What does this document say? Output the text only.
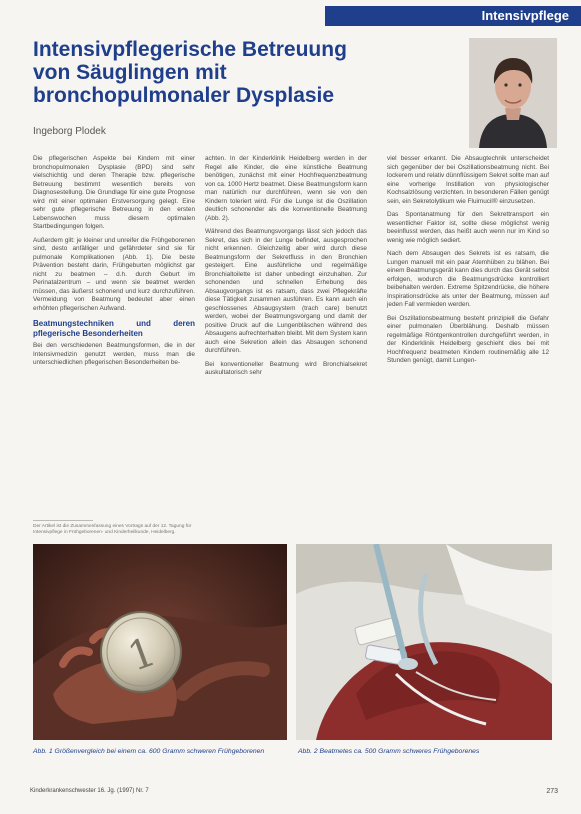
Intensivpflege
Intensivpflegerische Betreuung
von Säuglingen mit
bronchopulmonaler Dysplasie
Ingeborg Plodek

Die pflegerischen Aspekte bei Kindern mit einer bronchopulmonalen Dysplasie (BPD) sind sehr vielschichtig und deren Therapie bzw. pflegerische Betreuung bestimmt wesentlich bereits von Diagnosestellung. Die Grundlage für eine gute Prognose wird mit einer optimalen Erstversorgung gelegt. Eine sehr gute pflegerische Betreuung in den ersten Lebenswochen muss diesem optimalen Startbedingungen folgen.

Außerdem gilt: je kleiner und unreifer die Frühgeborenen sind, desto anfälliger und gefährdeter sind sie für pulmonale Komplikationen (Abb. 1). Die beste Prävention besteht darin, Frühgeburten möglichst gar nicht zu beatmen – d.h. durch Geburt im Perinatalzentrum – und wenn sie beatmet werden müssen, das äußerst schonend und kurz durchzuführen. Vermeidung von Beatmung bedeutet aber einen erhöhten pflegerischen Aufwand.

Beatmungstechniken und deren pflegerische Besonderheiten

Bei den verschiedenen Beatmungsformen, die in der Intensivmedizin genutzt werden, muss man die unterschiedlichen pflegerischen Besonderheiten be-

achten. In der Kinderklinik Heidelberg werden in der Regel alle Kinder, die eine künstliche Beatmung benötigen, zunächst mit einer Hochfrequenzbeatmung von ca. 1000 Hertz beatmet. Diese Beatmungsform kann man natürlich nur durchführen, wenn sie von den Kindern toleriert wird. Für die Lunge ist die Oszillation deutlich schonender als die konventionelle Beatmung (Abb. 2).

Während des Beatmungsvorgangs lässt sich jedoch das Sekret, das sich in der Lunge befindet, ausgesprochen nicht erkennen. Gleichzeitig aber wird durch diese Beatmungsform der Sekretfluss in den Bronchien gesteigert. Eine ausführliche und regelmäßige Bronchialtoilette ist daher unbedingt einzuhalten. Zur schonenden und schnellen Erhebung des Absaugvorgangs ist es ratsam, dass zwei Pflegekräfte diese Tätigkeit zusammen ausführen. Es kann auch ein geschlossenes Absaugsystem (trach care) benutzt werden, wobei der Beatmungsvorgang und damit der positive Druck auf die Lungenbläschen während des Absaugens aufrechterhalten bleibt. Mit dem System kann auch eine Sekretion allein das Absaugen schonend durchführen.

Bei konventioneller Beatmung wird Bronchialsekret auskultatorisch sehr

viel besser erkannt. Die Absaugtechnik unterscheidet sich gegenüber der bei Oszillationsbeatmung nicht. Bei lockerem und relativ dünnflüssigem Sekret sollte man auf eine vorherige Instillation von physiologischer Kochsalzlösung verzichten. In besonderen Fällen genügt sein, ein Sekretolytikum wie Fluimucil® einzusetzen.

Das Spontanatmung für den Sekrettransport ein wesentlicher Faktor ist, sollte diese möglichst wenig beeinflusst werden, das heißt auch wenn nur im Kind so wenig wie möglich sediert.

Nach dem Absaugen des Sekrets ist es ratsam, die Lungen manuell mit ein paar Atemhüben zu blähen. Bei einem Beatmungsgerät kann dies durch das Gerät selbst erfolgen, wodurch die Beatmungsdrücke kontrolliert beibehalten werden. Extreme Spitzendrücke, die höhere Inspirationsdrücke als unter der Beatmung, müssen auf jeden Fall vermieden werden.

Bei Oszillationsbeatmung besteht prinzipiell die Gefahr einer pulmonalen Überblähung. Deshalb müssen regelmäßige Röntgenkontrollen durchgeführt werden, in der Kinderklinik Heidelberg geschieht dies bei mit Hochfrequenz beatmeten Kindern routinemäßig alle 12 Stunden genügt, damit Lungen-

Der Artikel ist die Zusammenfassung eines Vortrags auf der 12. Tagung für Intensivpflege in Frühgeborenen- und Kinderheilkunde, Heidelberg.
1
Abb. 1 Größenvergleich bei einem ca. 600 Gramm schweren Frühgeborenen	Abb. 2 Beatmetes ca. 500 Gramm schweres Frühgeborenes
Kinderkrankenschwester 16. Jg. (1997) Nr. 7	273
